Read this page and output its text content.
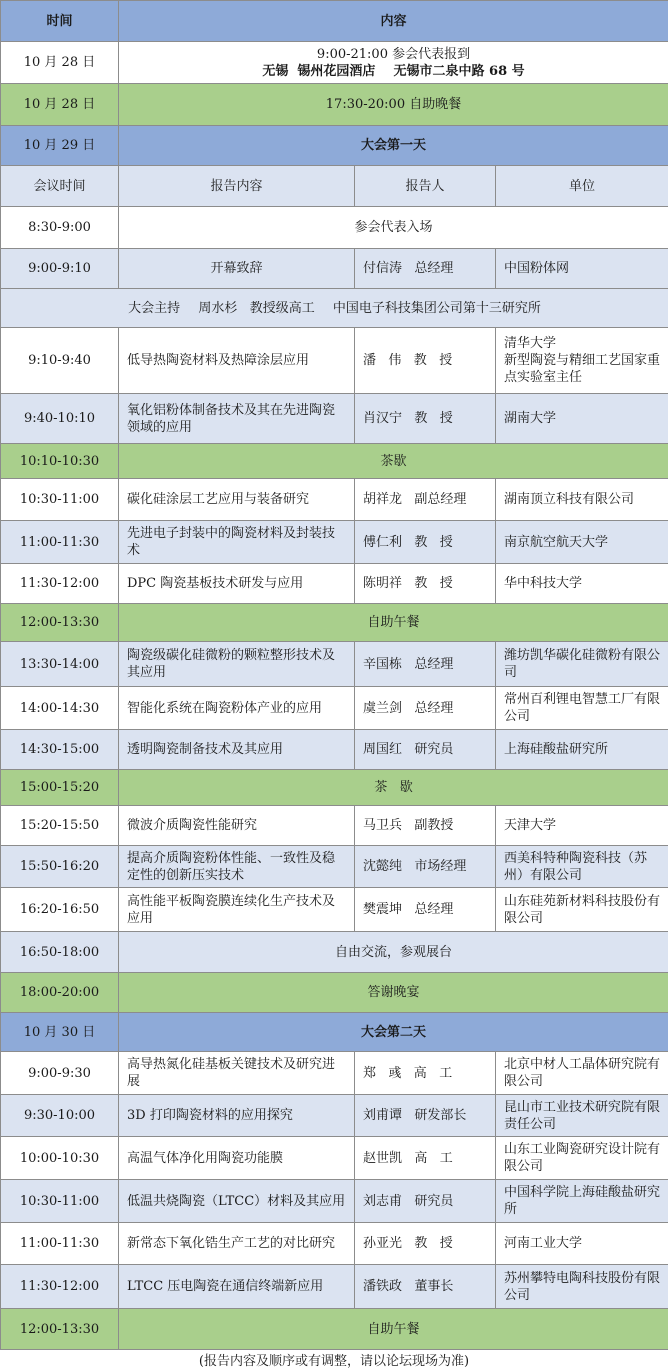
时间	内容		
10 月 28 日	9:00-21:00 参会代表报到
无锡  锡州花园酒店    无锡市二泉中路 68 号		

10 月 28 日	17:30-20:00 自助晚餐		
10 月 29 日	大会第一天		
会议时间	报告内容	报告人	单位
8:30-9:00	参会代表入场		
9:00-9:10	开幕致辞	付信涛   总经理	中国粉体网
大会主持 周水杉   教授级高工 中国电子科技集团公司第十三研究所			
9:10-9:40	低导热陶瓷材料及热障涂层应用	潘   伟   教   授	清华大学
新型陶瓷与精细工艺国家重点实验室主任
9:40-10:10	氧化铝粉体制备技术及其在先进陶瓷领域的应用	肖汉宁   教   授	湖南大学
10:10-10:30	茶歇		
10:30-11:00	碳化硅涂层工艺应用与装备研究	胡祥龙   副总经理	湖南顶立科技有限公司
11:00-11:30	先进电子封装中的陶瓷材料及封装技术	傅仁利   教   授	南京航空航天大学
11:30-12:00	DPC 陶瓷基板技术研发与应用	陈明祥   教   授	华中科技大学
12:00-13:30	自助午餐		
13:30-14:00	陶瓷级碳化硅微粉的颗粒整形技术及其应用	辛国栋   总经理	潍坊凯华碳化硅微粉有限公司
14:00-14:30	智能化系统在陶瓷粉体产业的应用	虞兰剑   总经理	常州百利锂电智慧工厂有限公司
14:30-15:00	透明陶瓷制备技术及其应用	周国红   研究员	上海硅酸盐研究所
15:00-15:20	茶   歇		
15:20-15:50	微波介质陶瓷性能研究	马卫兵   副教授	天津大学
15:50-16:20	提高介质陶瓷粉体性能、一致性及稳定性的创新压实技术	沈懿纯   市场经理	西美科特种陶瓷科技（苏州）有限公司
16:20-16:50	高性能平板陶瓷膜连续化生产技术及应用	樊震坤   总经理	山东硅苑新材料科技股份有限公司
16:50-18:00	自由交流，参观展台		
18:00-20:00	答谢晚宴		
10 月 30 日	大会第二天		
9:00-9:30	高导热氮化硅基板关键技术及研究进展	郑   彧   高   工	北京中材人工晶体研究院有限公司
9:30-10:00	3D 打印陶瓷材料的应用探究	刘甫谭   研发部长	昆山市工业技术研究院有限责任公司
10:00-10:30	高温气体净化用陶瓷功能膜	赵世凯   高   工	山东工业陶瓷研究设计院有限公司
10:30-11:00	低温共烧陶瓷（LTCC）材料及其应用	刘志甫   研究员	中国科学院上海硅酸盐研究所
11:00-11:30	新常态下氧化锆生产工艺的对比研究	孙亚光   教   授	河南工业大学
11:30-12:00	LTCC 压电陶瓷在通信终端新应用	潘铁政   董事长	苏州攀特电陶科技股份有限公司
12:00-13:30	自助午餐		
(报告内容及顺序或有调整，请以论坛现场为准)
